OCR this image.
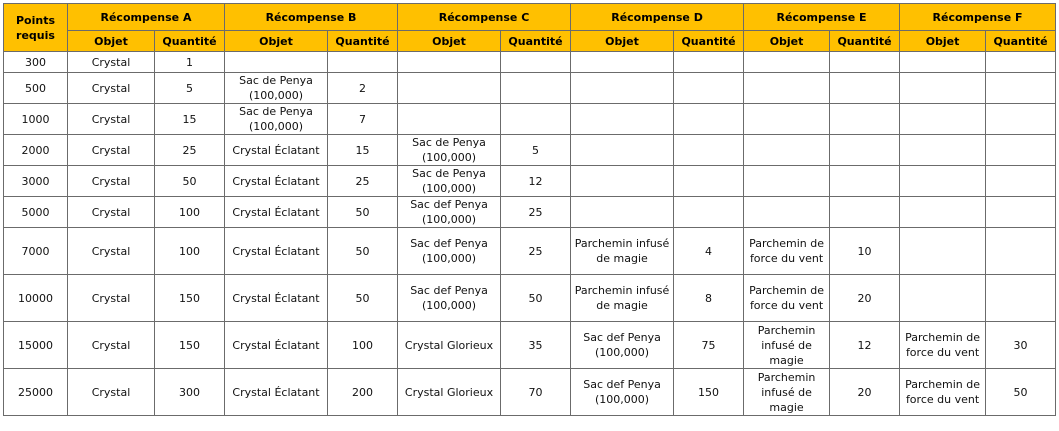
Points requis	Récompense A		Récompense B		Récompense C		Récompense D		Récompense E		Récompense F	
	Objet	Quantité	Objet	Quantité	Objet	Quantité	Objet	Quantité	Objet	Quantité	Objet	Quantité
300	Crystal	1										
500	Crystal	5	Sac de Penya
(100,000)	2								
1000	Crystal	15	Sac de Penya
(100,000)	7								
2000	Crystal	25	Crystal Éclatant	15	Sac de Penya
(100,000)	5						
3000	Crystal	50	Crystal Éclatant	25	Sac de Penya
(100,000)	12						
5000	Crystal	100	Crystal Éclatant	50	Sac def Penya
(100,000)	25						
7000	Crystal	100	Crystal Éclatant	50	Sac def Penya
(100,000)	25	Parchemin infusé
de magie	4	Parchemin de
force du vent	10		
10000	Crystal	150	Crystal Éclatant	50	Sac def Penya
(100,000)	50	Parchemin infusé
de magie	8	Parchemin de
force du vent	20		
15000	Crystal	150	Crystal Éclatant	100	Crystal Glorieux	35	Sac def Penya
(100,000)	75	Parchemin
infusé de
magie	12	Parchemin de
force du vent	30
25000	Crystal	300	Crystal Éclatant	200	Crystal Glorieux	70	Sac def Penya
(100,000)	150	Parchemin
infusé de
magie	20	Parchemin de
force du vent	50
